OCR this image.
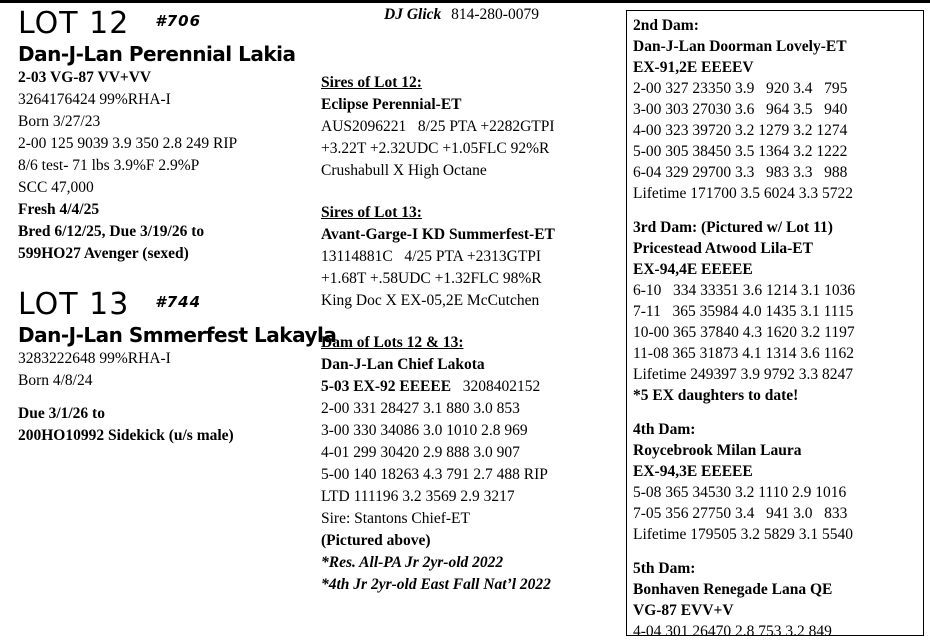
DJ Glick 814-280-0079
LOT 12 $^{\#706}$
Dan-J-Lan Perennial Lakia
2-03 VG-87 VV+VV
3264176424 99%RHA-I
Born 3/27/23
2-00 125 9039 3.9 350 2.8 249 RIP
8/6 test- 71 lbs 3.9%F 2.9%P
SCC 47,000
Fresh 4/4/25
Bred 6/12/25, Due 3/19/26 to
599HO27 Avenger (sexed)
LOT 13 $^{\#744}$
Dan-J-Lan Smmerfest Lakayla
3283222648 99%RHA-I
Born 4/8/24
Due 3/1/26 to
200HO10992 Sidekick (u/s male)
Sires of Lot 12:
Eclipse Perennial-ET
AUS2096221   8/25 PTA +2282GTPI
+3.22T +2.32UDC +1.05FLC 92%R
Crushabull X High Octane
Sires of Lot 13:
Avant-Garge-I KD Summerfest-ET
13114881C   4/25 PTA +2313GTPI
+1.68T +.58UDC +1.32FLC 98%R
King Doc X EX-05,2E McCutchen
Dam of Lots 12 & 13:
Dan-J-Lan Chief Lakota
5-03 EX-92 EEEEE   3208402152
2-00 331 28427 3.1 880 3.0 853
3-00 330 34086 3.0 1010 2.8 969
4-01 299 30420 2.9 888 3.0 907
5-00 140 18263 4.3 791 2.7 488 RIP
LTD 111196 3.2 3569 2.9 3217
Sire: Stantons Chief-ET
(Pictured above)
*Res. All-PA Jr 2yr-old 2022
*4th Jr 2yr-old East Fall Nat’l 2022
2nd Dam:
Dan-J-Lan Doorman Lovely-ET
EX-91,2E EEEEV
2-00 327 23350 3.9   920 3.4   795
3-00 303 27030 3.6   964 3.5   940
4-00 323 39720 3.2 1279 3.2 1274
5-00 305 38450 3.5 1364 3.2 1222
6-04 329 29700 3.3   983 3.3   988
Lifetime 171700 3.5 6024 3.3 5722
3rd Dam: (Pictured w/ Lot 11)
Pricestead Atwood Lila-ET
EX-94,4E EEEEE
6-10   334 33351 3.6 1214 3.1 1036
7-11   365 35984 4.0 1435 3.1 1115
10-00 365 37840 4.3 1620 3.2 1197
11-08 365 31873 4.1 1314 3.6 1162
Lifetime 249397 3.9 9792 3.3 8247
*5 EX daughters to date!
4th Dam:
Roycebrook Milan Laura
EX-94,3E EEEEE
5-08 365 34530 3.2 1110 2.9 1016
7-05 356 27750 3.4   941 3.0   833
Lifetime 179505 3.2 5829 3.1 5540
5th Dam:
Bonhaven Renegade Lana QE
VG-87 EVV+V
4-04 301 26470 2.8 753 3.2 849
